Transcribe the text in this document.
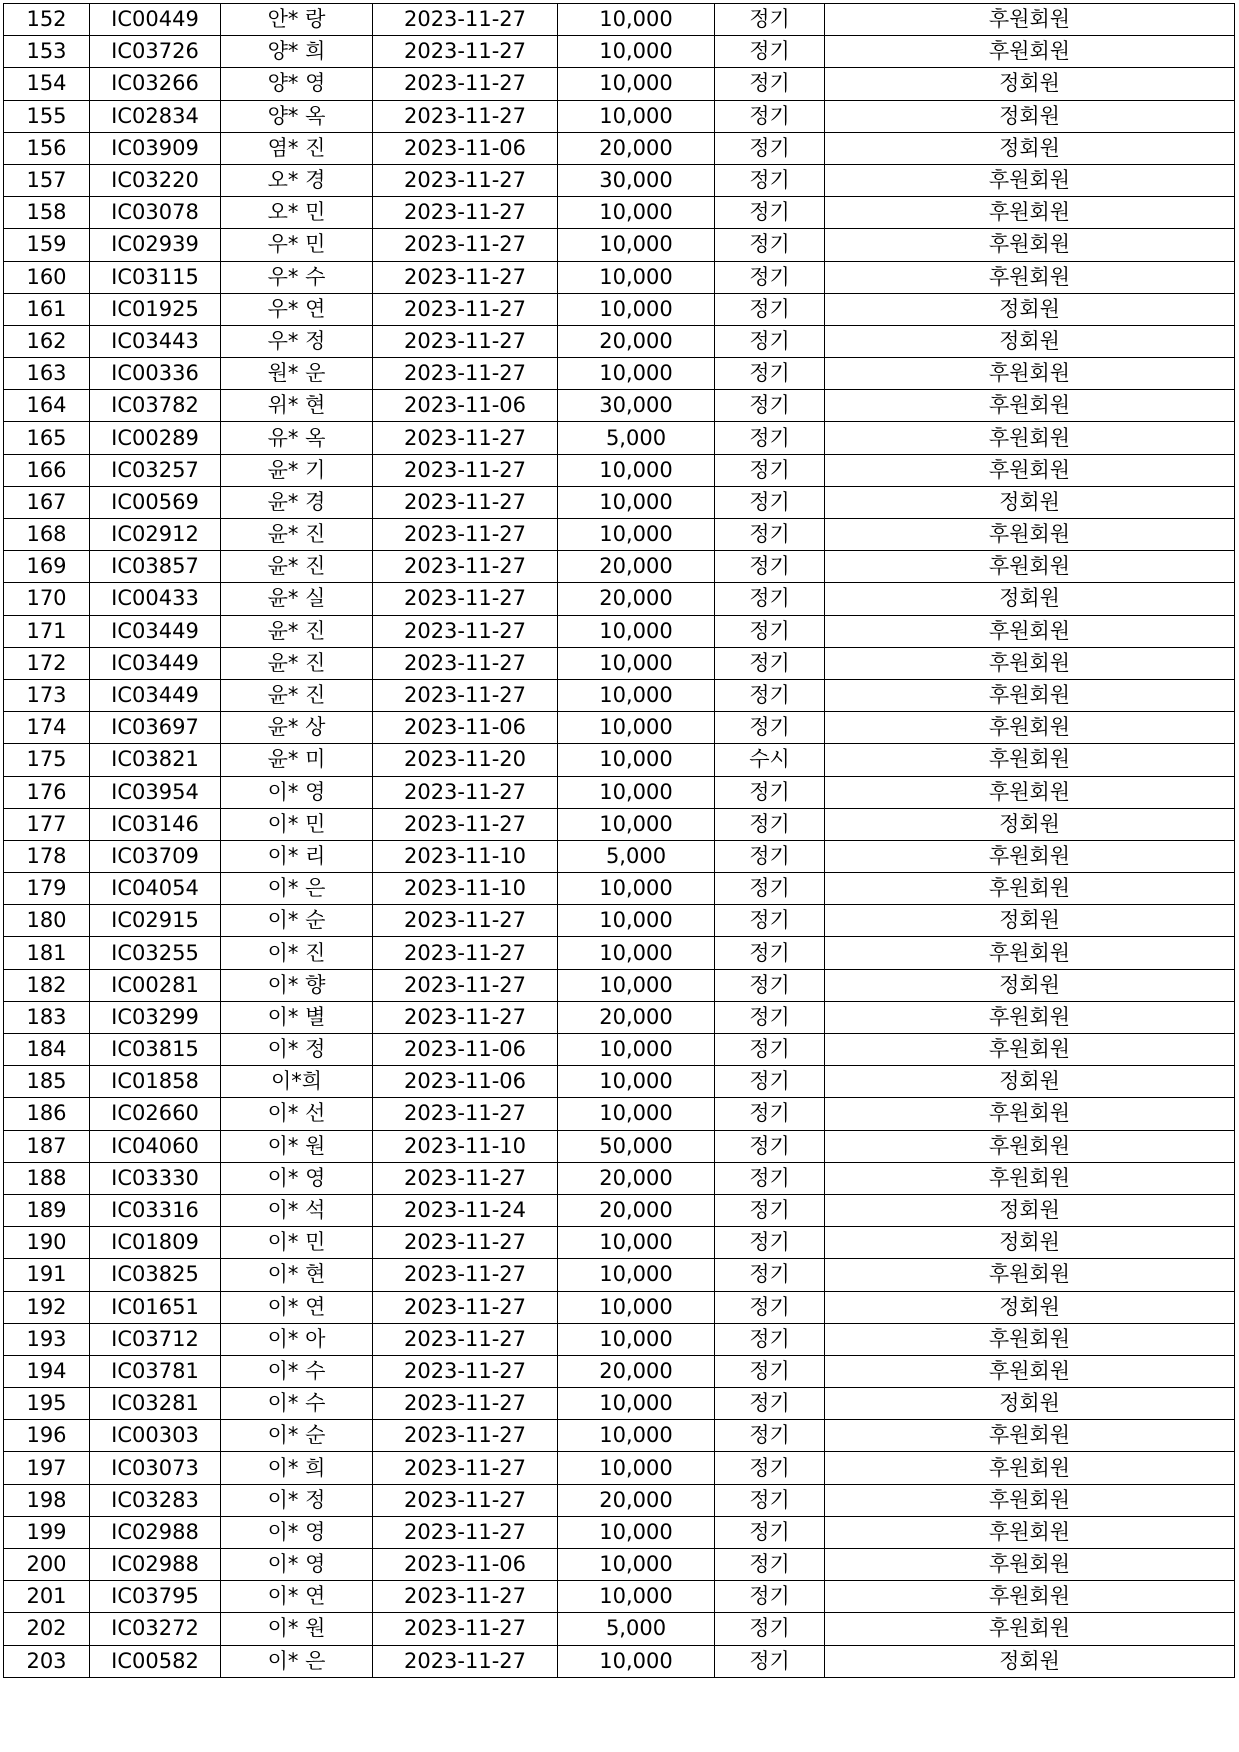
152	IC00449	안* 랑	2023-11-27	10,000	정기	후원회원
153	IC03726	양* 희	2023-11-27	10,000	정기	후원회원
154	IC03266	양* 영	2023-11-27	10,000	정기	정회원
155	IC02834	양* 옥	2023-11-27	10,000	정기	정회원
156	IC03909	염* 진	2023-11-06	20,000	정기	정회원
157	IC03220	오* 경	2023-11-27	30,000	정기	후원회원
158	IC03078	오* 민	2023-11-27	10,000	정기	후원회원
159	IC02939	우* 민	2023-11-27	10,000	정기	후원회원
160	IC03115	우* 수	2023-11-27	10,000	정기	후원회원
161	IC01925	우* 연	2023-11-27	10,000	정기	정회원
162	IC03443	우* 정	2023-11-27	20,000	정기	정회원
163	IC00336	원* 운	2023-11-27	10,000	정기	후원회원
164	IC03782	위* 현	2023-11-06	30,000	정기	후원회원
165	IC00289	유* 옥	2023-11-27	5,000	정기	후원회원
166	IC03257	윤* 기	2023-11-27	10,000	정기	후원회원
167	IC00569	윤* 경	2023-11-27	10,000	정기	정회원
168	IC02912	윤* 진	2023-11-27	10,000	정기	후원회원
169	IC03857	윤* 진	2023-11-27	20,000	정기	후원회원
170	IC00433	윤* 실	2023-11-27	20,000	정기	정회원
171	IC03449	윤* 진	2023-11-27	10,000	정기	후원회원
172	IC03449	윤* 진	2023-11-27	10,000	정기	후원회원
173	IC03449	윤* 진	2023-11-27	10,000	정기	후원회원
174	IC03697	윤* 상	2023-11-06	10,000	정기	후원회원
175	IC03821	윤* 미	2023-11-20	10,000	수시	후원회원
176	IC03954	이* 영	2023-11-27	10,000	정기	후원회원
177	IC03146	이* 민	2023-11-27	10,000	정기	정회원
178	IC03709	이* 리	2023-11-10	5,000	정기	후원회원
179	IC04054	이* 은	2023-11-10	10,000	정기	후원회원
180	IC02915	이* 순	2023-11-27	10,000	정기	정회원
181	IC03255	이* 진	2023-11-27	10,000	정기	후원회원
182	IC00281	이* 향	2023-11-27	10,000	정기	정회원
183	IC03299	이* 별	2023-11-27	20,000	정기	후원회원
184	IC03815	이* 정	2023-11-06	10,000	정기	후원회원
185	IC01858	이*희	2023-11-06	10,000	정기	정회원
186	IC02660	이* 선	2023-11-27	10,000	정기	후원회원
187	IC04060	이* 원	2023-11-10	50,000	정기	후원회원
188	IC03330	이* 영	2023-11-27	20,000	정기	후원회원
189	IC03316	이* 석	2023-11-24	20,000	정기	정회원
190	IC01809	이* 민	2023-11-27	10,000	정기	정회원
191	IC03825	이* 현	2023-11-27	10,000	정기	후원회원
192	IC01651	이* 연	2023-11-27	10,000	정기	정회원
193	IC03712	이* 아	2023-11-27	10,000	정기	후원회원
194	IC03781	이* 수	2023-11-27	20,000	정기	후원회원
195	IC03281	이* 수	2023-11-27	10,000	정기	정회원
196	IC00303	이* 순	2023-11-27	10,000	정기	후원회원
197	IC03073	이* 희	2023-11-27	10,000	정기	후원회원
198	IC03283	이* 정	2023-11-27	20,000	정기	후원회원
199	IC02988	이* 영	2023-11-27	10,000	정기	후원회원
200	IC02988	이* 영	2023-11-06	10,000	정기	후원회원
201	IC03795	이* 연	2023-11-27	10,000	정기	후원회원
202	IC03272	이* 원	2023-11-27	5,000	정기	후원회원
203	IC00582	이* 은	2023-11-27	10,000	정기	정회원
